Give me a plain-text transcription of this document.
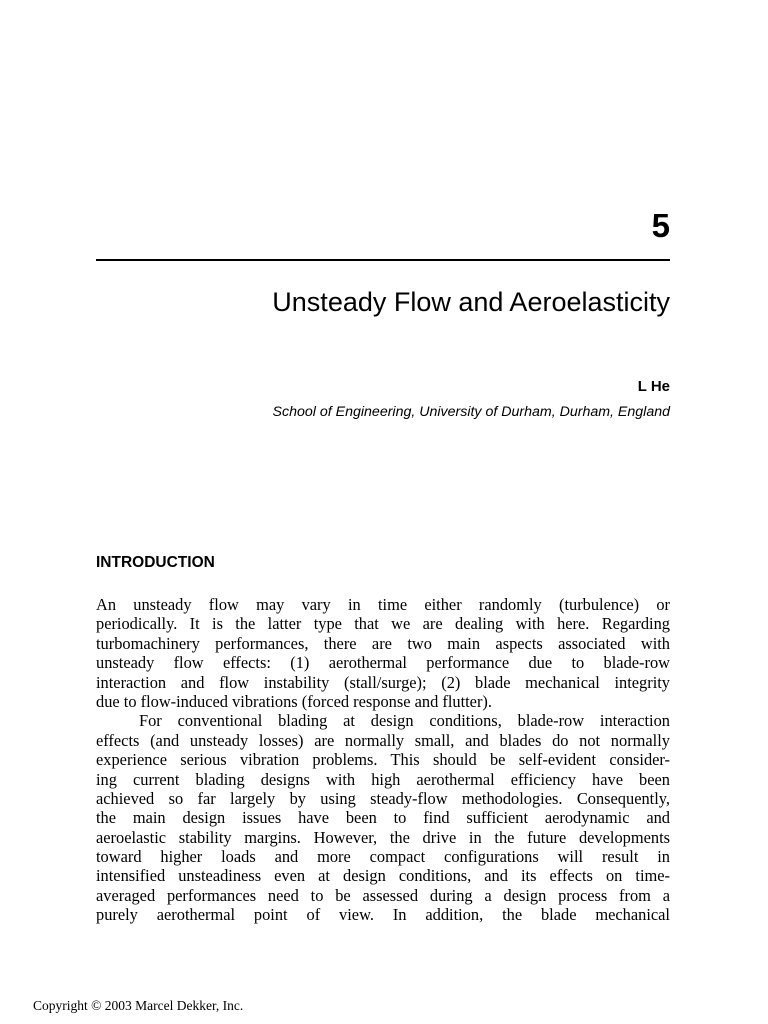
5
Unsteady Flow and Aeroelasticity
L He
School of Engineering, University of Durham, Durham, England
INTRODUCTION
An unsteady flow may vary in time either randomly (turbulence) or
periodically. It is the latter type that we are dealing with here. Regarding
turbomachinery performances, there are two main aspects associated with
unsteady flow effects: (1) aerothermal performance due to blade-row
interaction and flow instability (stall/surge); (2) blade mechanical integrity
due to flow-induced vibrations (forced response and flutter).
For conventional blading at design conditions, blade-row interaction
effects (and unsteady losses) are normally small, and blades do not normally
experience serious vibration problems. This should be self-evident consider-
ing current blading designs with high aerothermal efficiency have been
achieved so far largely by using steady-flow methodologies. Consequently,
the main design issues have been to find sufficient aerodynamic and
aeroelastic stability margins. However, the drive in the future developments
toward higher loads and more compact configurations will result in
intensified unsteadiness even at design conditions, and its effects on time-
averaged performances need to be assessed during a design process from a
purely aerothermal point of view. In addition, the blade mechanical
Copyright © 2003 Marcel Dekker, Inc.
